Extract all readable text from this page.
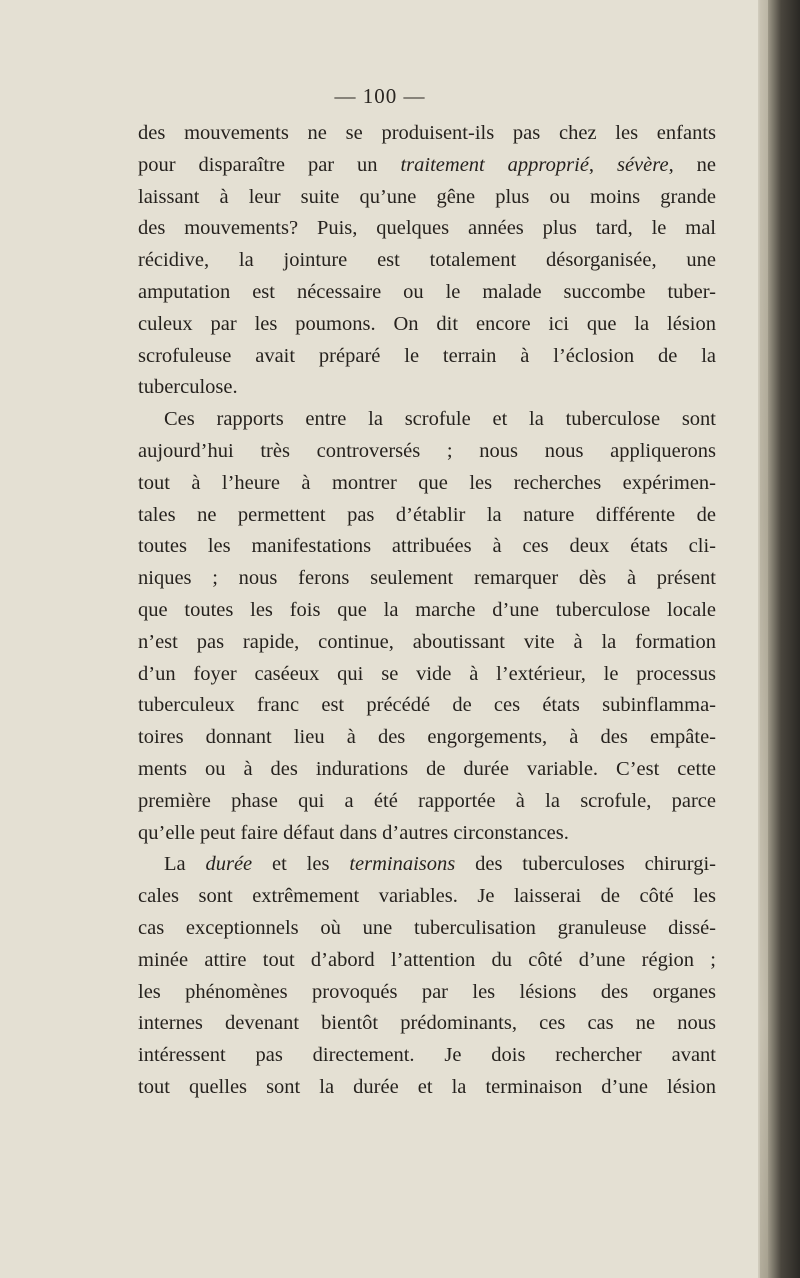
— 100 —
des mouvements ne se produisent-ils pas chez les enfants
pour disparaître par un traitement approprié, sévère, ne
laissant à leur suite qu’une gêne plus ou moins grande
des mouvements? Puis, quelques années plus tard, le mal
récidive, la jointure est totalement désorganisée, une
amputation est nécessaire ou le malade succombe tuber-
culeux par les poumons. On dit encore ici que la lésion
scrofuleuse avait préparé le terrain à l’éclosion de la
tuberculose.
Ces rapports entre la scrofule et la tuberculose sont
aujourd’hui très controversés ; nous nous appliquerons
tout à l’heure à montrer que les recherches expérimen-
tales ne permettent pas d’établir la nature différente de
toutes les manifestations attribuées à ces deux états cli-
niques ; nous ferons seulement remarquer dès à présent
que toutes les fois que la marche d’une tuberculose locale
n’est pas rapide, continue, aboutissant vite à la formation
d’un foyer caséeux qui se vide à l’extérieur, le processus
tuberculeux franc est précédé de ces états subinflamma-
toires donnant lieu à des engorgements, à des empâte-
ments ou à des indurations de durée variable. C’est cette
première phase qui a été rapportée à la scrofule, parce
qu’elle peut faire défaut dans d’autres circonstances.
La durée et les terminaisons des tuberculoses chirurgi-
cales sont extrêmement variables. Je laisserai de côté les
cas exceptionnels où une tuberculisation granuleuse dissé-
minée attire tout d’abord l’attention du côté d’une région ;
les phénomènes provoqués par les lésions des organes
internes devenant bientôt prédominants, ces cas ne nous
intéressent pas directement. Je dois rechercher avant
tout quelles sont la durée et la terminaison d’une lésion
